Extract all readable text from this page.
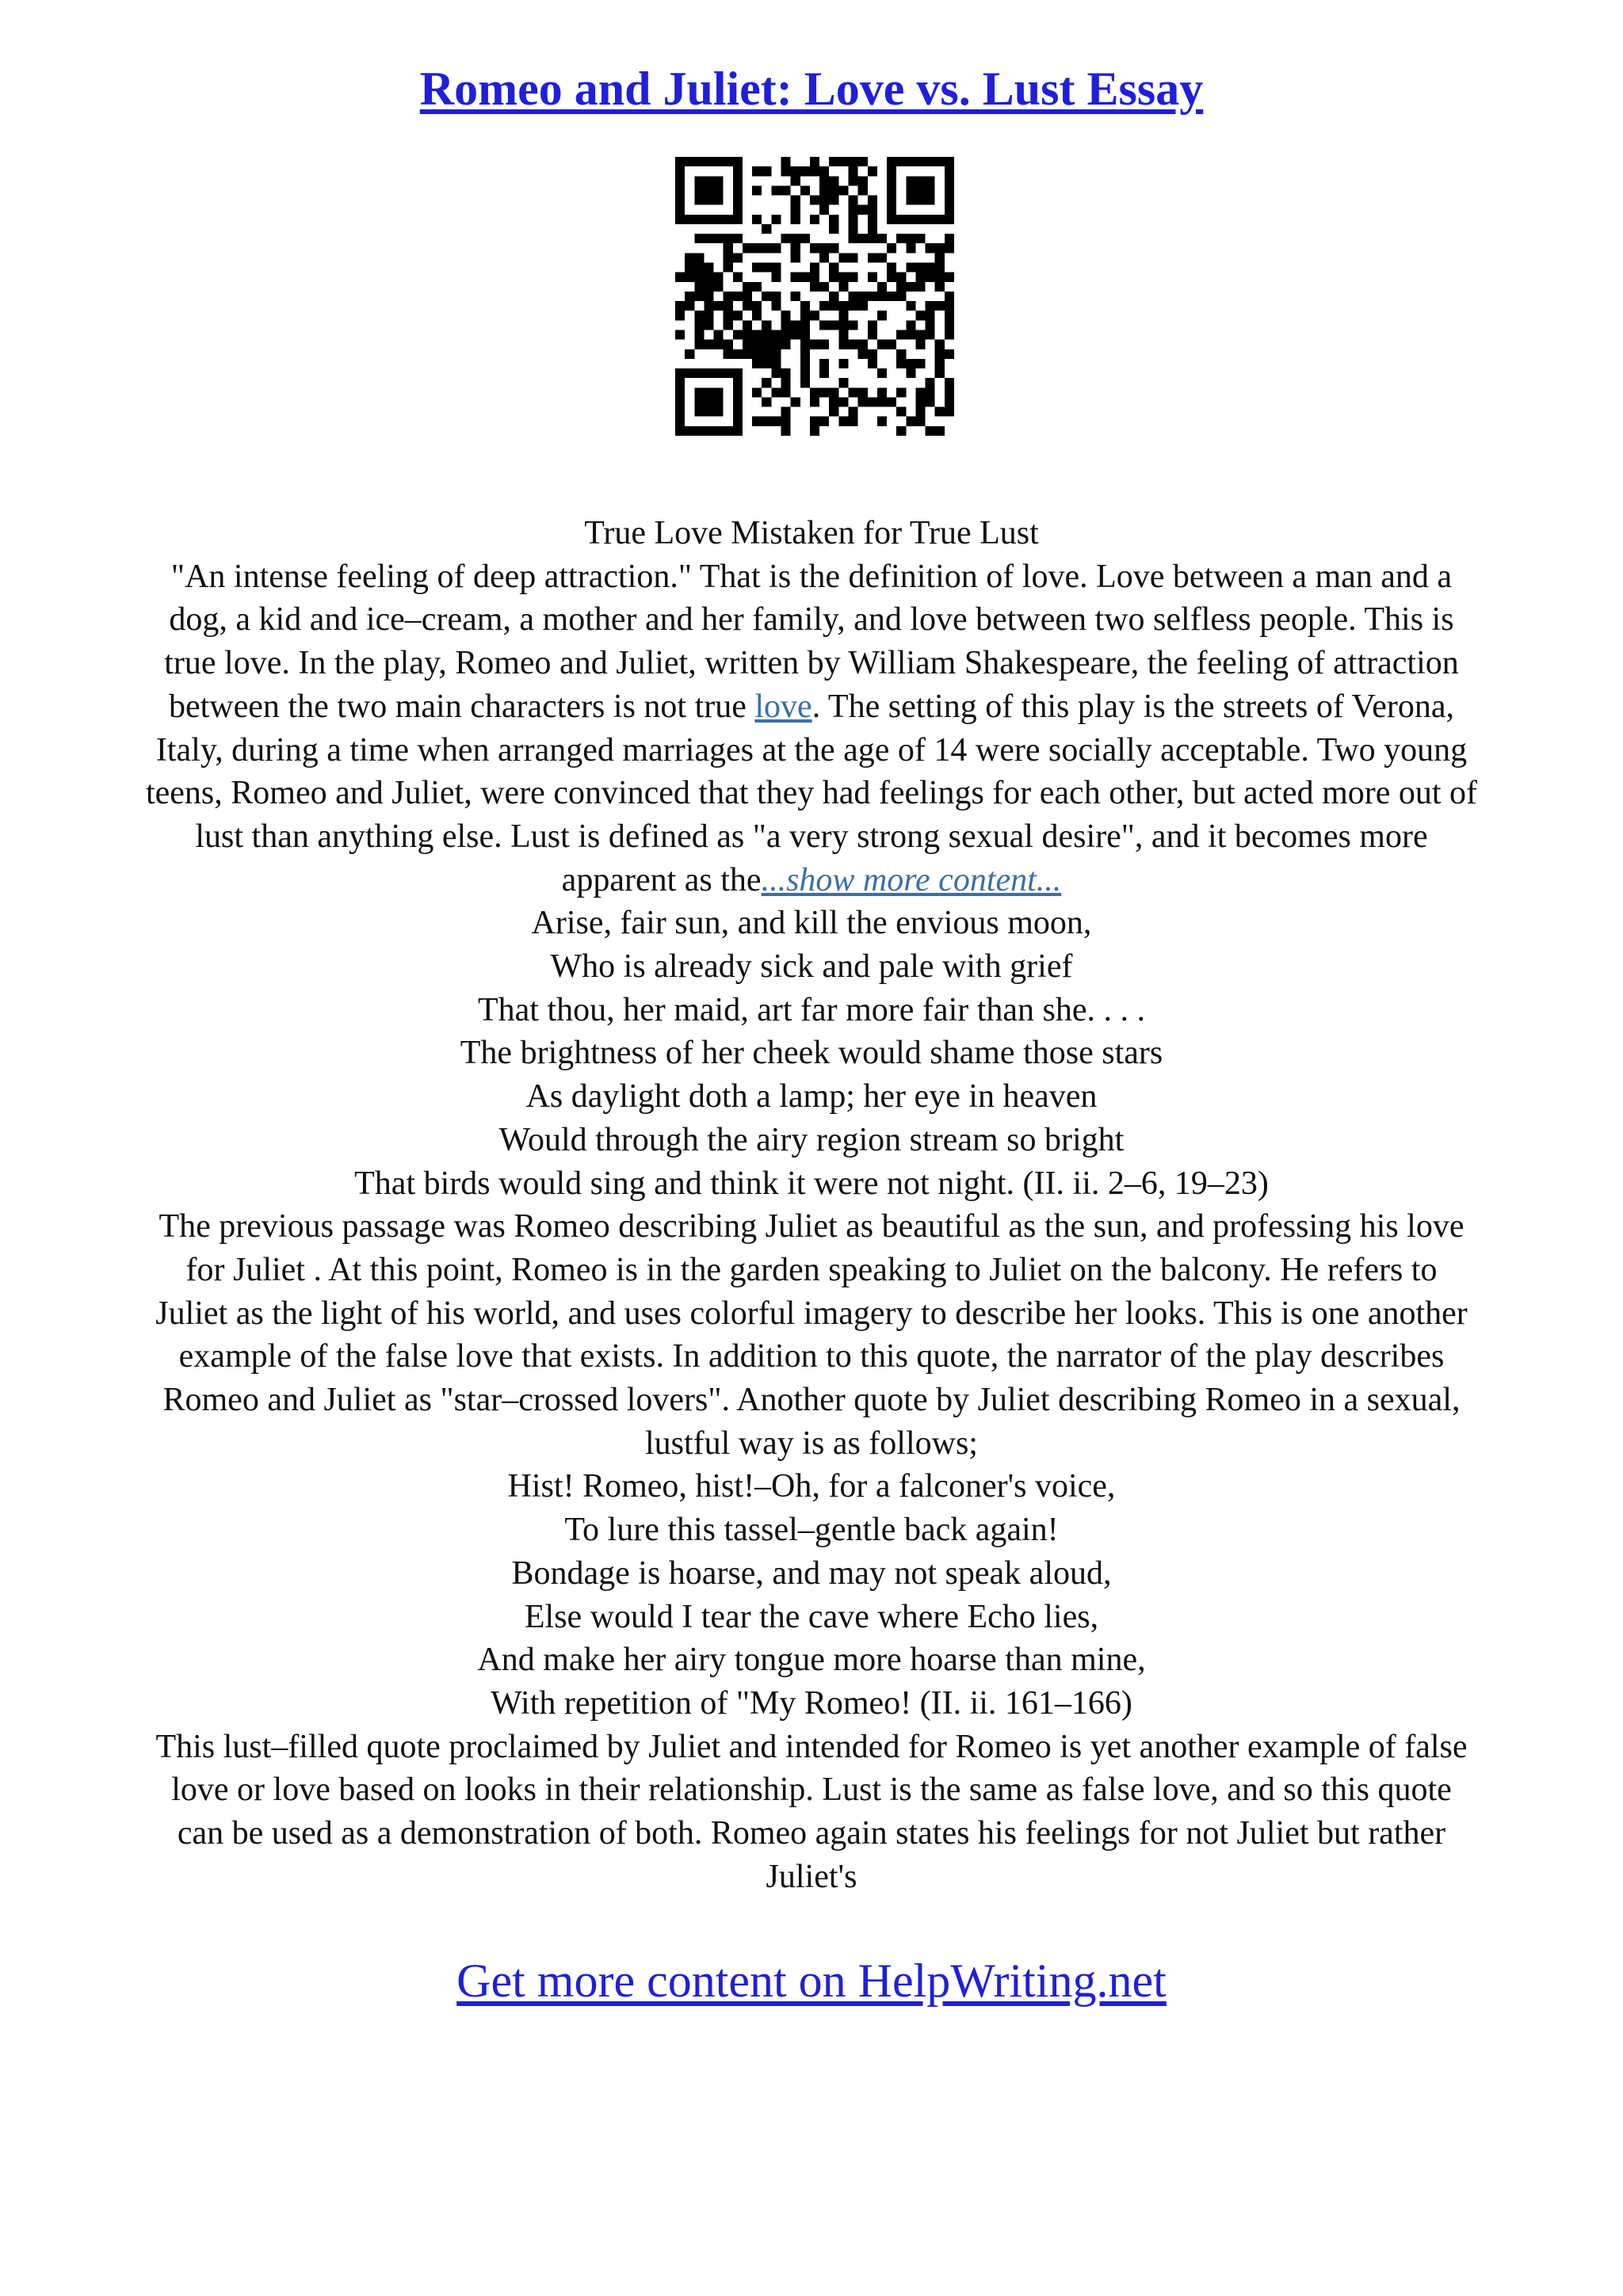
Romeo and Juliet: Love vs. Lust Essay
True Love Mistaken for True Lust
"An intense feeling of deep attraction." That is the definition of love. Love between a man and a
dog, a kid and ice–cream, a mother and her family, and love between two selfless people. This is
true love. In the play, Romeo and Juliet, written by William Shakespeare, the feeling of attraction
between the two main characters is not true love. The setting of this play is the streets of Verona,
Italy, during a time when arranged marriages at the age of 14 were socially acceptable. Two young
teens, Romeo and Juliet, were convinced that they had feelings for each other, but acted more out of
lust than anything else. Lust is defined as "a very strong sexual desire", and it becomes more
apparent as the...show more content...
Arise, fair sun, and kill the envious moon,
Who is already sick and pale with grief
That thou, her maid, art far more fair than she. . . .
The brightness of her cheek would shame those stars
As daylight doth a lamp; her eye in heaven
Would through the airy region stream so bright
That birds would sing and think it were not night. (II. ii. 2–6, 19–23)
The previous passage was Romeo describing Juliet as beautiful as the sun, and professing his love
for Juliet . At this point, Romeo is in the garden speaking to Juliet on the balcony. He refers to
Juliet as the light of his world, and uses colorful imagery to describe her looks. This is one another
example of the false love that exists. In addition to this quote, the narrator of the play describes
Romeo and Juliet as "star–crossed lovers". Another quote by Juliet describing Romeo in a sexual,
lustful way is as follows;
Hist! Romeo, hist!–Oh, for a falconer's voice,
To lure this tassel–gentle back again!
Bondage is hoarse, and may not speak aloud,
Else would I tear the cave where Echo lies,
And make her airy tongue more hoarse than mine,
With repetition of "My Romeo! (II. ii. 161–166)
This lust–filled quote proclaimed by Juliet and intended for Romeo is yet another example of false
love or love based on looks in their relationship. Lust is the same as false love, and so this quote
can be used as a demonstration of both. Romeo again states his feelings for not Juliet but rather
Juliet's
Get more content on HelpWriting.net
